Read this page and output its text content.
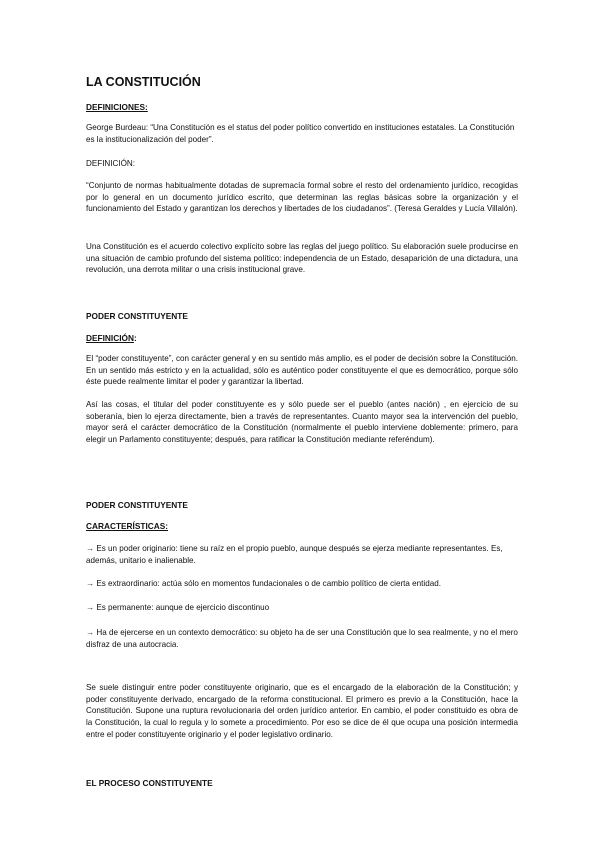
LA CONSTITUCIÓN
DEFINICIONES:
George Burdeau: “Una Constitución es el status del poder político convertido en instituciones estatales. La Constitución es la institucionalización del poder”.
DEFINICIÓN:
“Conjunto de normas habitualmente dotadas de supremacía formal sobre el resto del ordenamiento jurídico, recogidas por lo general en un documento jurídico escrito, que determinan las reglas básicas sobre la organización y el funcionamiento del Estado y garantizan los derechos y libertades de los ciudadanos”. (Teresa Geraldes y Lucía Villalón).
Una Constitución es el acuerdo colectivo explícito sobre las reglas del juego político. Su elaboración suele producirse en una situación de cambio profundo del sistema político: independencia de un Estado, desaparición de una dictadura, una revolución, una derrota militar o una crisis institucional grave.
PODER CONSTITUYENTE
DEFINICIÓN:
El “poder constituyente”, con carácter general y en su sentido más amplio, es el poder de decisión sobre la Constitución. En un sentido más estricto y en la actualidad, sólo es auténtico poder constituyente el que es democrático, porque sólo éste puede realmente limitar el poder y garantizar la libertad.
Así las cosas, el titular del poder constituyente es y sólo puede ser el pueblo (antes nación) , en ejercicio de su soberanía, bien lo ejerza directamente, bien a través de representantes. Cuanto mayor sea la intervención del pueblo, mayor será el carácter democrático de la Constitución (normalmente el pueblo interviene doblemente: primero, para elegir un Parlamento constituyente; después, para ratificar la Constitución mediante referéndum).
PODER CONSTITUYENTE
CARACTERÍSTICAS:
→ Es un poder originario: tiene su raíz en el propio pueblo, aunque después se ejerza mediante representantes. Es, además, unitario e inalienable.
→ Es extraordinario: actúa sólo en momentos fundacionales o de cambio político de cierta entidad.
→ Es permanente: aunque de ejercicio discontinuo
→ Ha de ejercerse en un contexto democrático: su objeto ha de ser una Constitución que lo sea realmente, y no el mero disfraz de una autocracia.
Se suele distinguir entre poder constituyente originario, que es el encargado de la elaboración de la Constitución; y poder constituyente derivado, encargado de la reforma constitucional. El primero es previo a la Constitución, hace la Constitución. Supone una ruptura revolucionaria del orden jurídico anterior. En cambio, el poder constituido es obra de la Constitución, la cual lo regula y lo somete a procedimiento. Por eso se dice de él que ocupa una posición intermedia entre el poder constituyente originario y el poder legislativo ordinario.
EL PROCESO CONSTITUYENTE
